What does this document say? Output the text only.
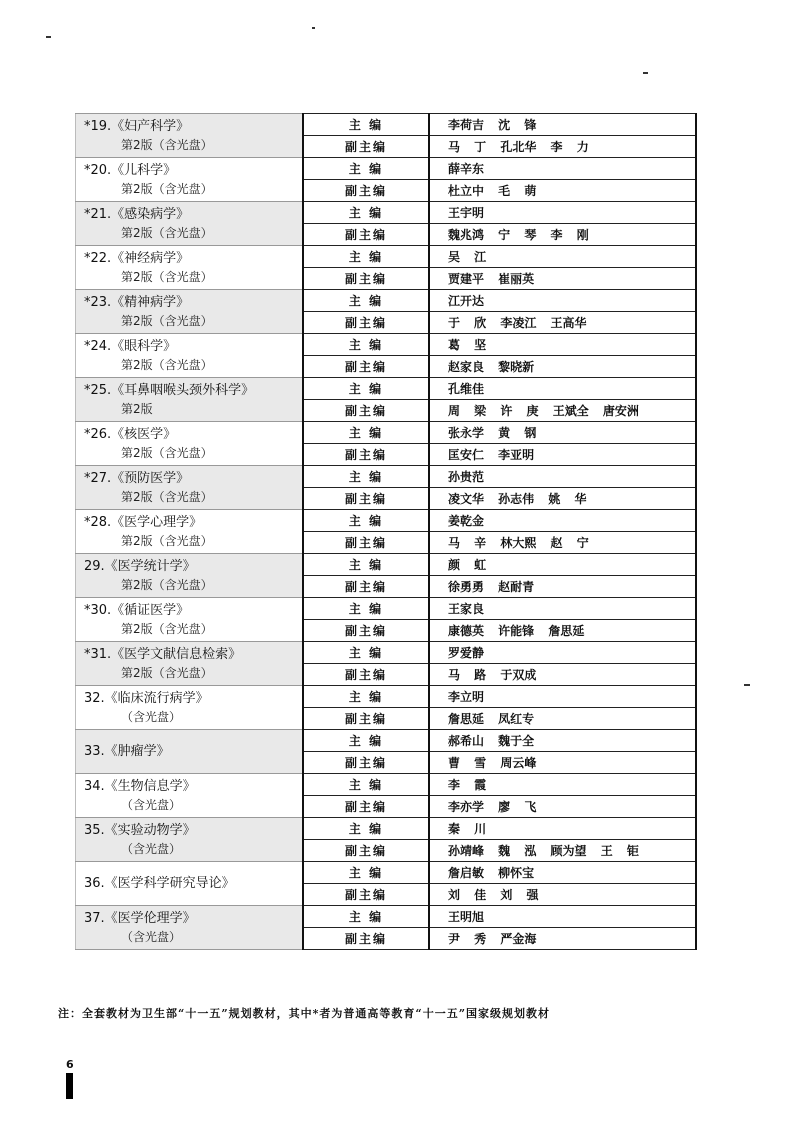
*19.《妇产科学》
第2版（含光盘）	主 编	李荷吉 沈 锋
	副主编	马 丁 孔北华 李 力

*20.《儿科学》
第2版（含光盘）	主 编	薛辛东
	副主编	杜立中 毛 萌

*21.《感染病学》
第2版（含光盘）	主 编	王宇明
	副主编	魏兆鸿 宁 琴 李 刚

*22.《神经病学》
第2版（含光盘）	主 编	吴 江
	副主编	贾建平 崔丽英

*23.《精神病学》
第2版（含光盘）	主 编	江开达
	副主编	于 欣 李凌江 王高华

*24.《眼科学》
第2版（含光盘）	主 编	葛 坚
	副主编	赵家良 黎晓新

*25.《耳鼻咽喉头颈外科学》
第2版	主 编	孔维佳
	副主编	周 梁 许 庚 王斌全 唐安洲

*26.《核医学》
第2版（含光盘）	主 编	张永学 黄 钢
	副主编	匡安仁 李亚明

*27.《预防医学》
第2版（含光盘）	主 编	孙贵范
	副主编	凌文华 孙志伟 姚 华

*28.《医学心理学》
第2版（含光盘）	主 编	姜乾金
	副主编	马 辛 林大熙 赵 宁

29.《医学统计学》
第2版（含光盘）	主 编	颜 虹
	副主编	徐勇勇 赵耐青

*30.《循证医学》
第2版（含光盘）	主 编	王家良
	副主编	康德英 许能锋 詹思延

*31.《医学文献信息检索》
第2版（含光盘）	主 编	罗爱静
	副主编	马 路 于双成

32.《临床流行病学》
（含光盘）	主 编	李立明
	副主编	詹思延 凤红专

33.《肿瘤学》	主 编	郝希山 魏于全
	副主编	曹 雪 周云峰

34.《生物信息学》
（含光盘）	主 编	李 霞
	副主编	李亦学 廖 飞

35.《实验动物学》
（含光盘）	主 编	秦 川
	副主编	孙靖峰 魏 泓 顾为望 王 钜

36.《医学科学研究导论》	主 编	詹启敏 柳怀宝
	副主编	刘 佳 刘 强

37.《医学伦理学》
（含光盘）	主 编	王明旭
	副主编	尹 秀 严金海
注：全套教材为卫生部“十一五”规划教材，其中*者为普通高等教育“十一五”国家级规划教材
6
